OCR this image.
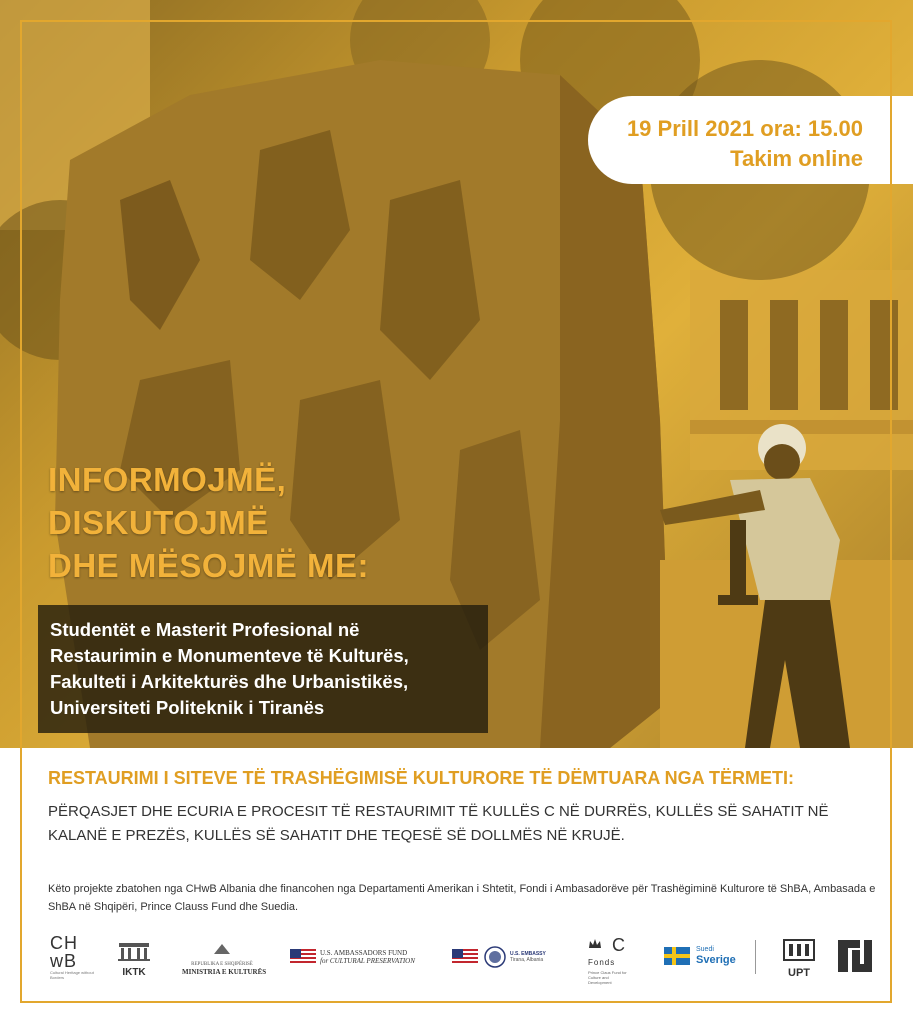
19 Prill 2021 ora: 15.00
Takim online
INFORMOJMË,
DISKUTOJMË
DHE MËSOJMË ME:
Studentët e Masterit Profesional në
Restaurimin e Monumenteve të Kulturës,
Fakulteti i Arkitekturës dhe Urbanistikës,
Universiteti Politeknik i Tiranës
RESTAURIMI I SITEVE TË TRASHËGIMISË KULTURORE TË DËMTUARA NGA TËRMETI:
PËRQASJET DHE ECURIA E PROCESIT TË RESTAURIMIT TË KULLËS C NË DURRËS, KULLËS SË SAHATIT NË KALANË E PREZËS, KULLËS SË SAHATIT DHE TEQESË SË DOLLMËS NË KRUJË.
Këto projekte zbatohen nga CHwB Albania dhe financohen nga Departamenti Amerikan i Shtetit, Fondi i Ambasadorëve për Trashëgiminë Kulturore të ShBA, Ambasada e ShBA në Shqipëri, Prince Clauss Fund dhe Suedia.
CH
wB
Cultural Heritage without Borders	IKTK
REPUBLIKA E SHQIPËRISË
MINISTRIA E KULTURËS
U.S. AMBASSADORS FUND
for CULTURAL PRESERVATION
U.S. EMBASSY
Tirana, Albania
C
Fonds
Prince Claus Fund for Culture and Development
Suedi
Sverige
UPT
